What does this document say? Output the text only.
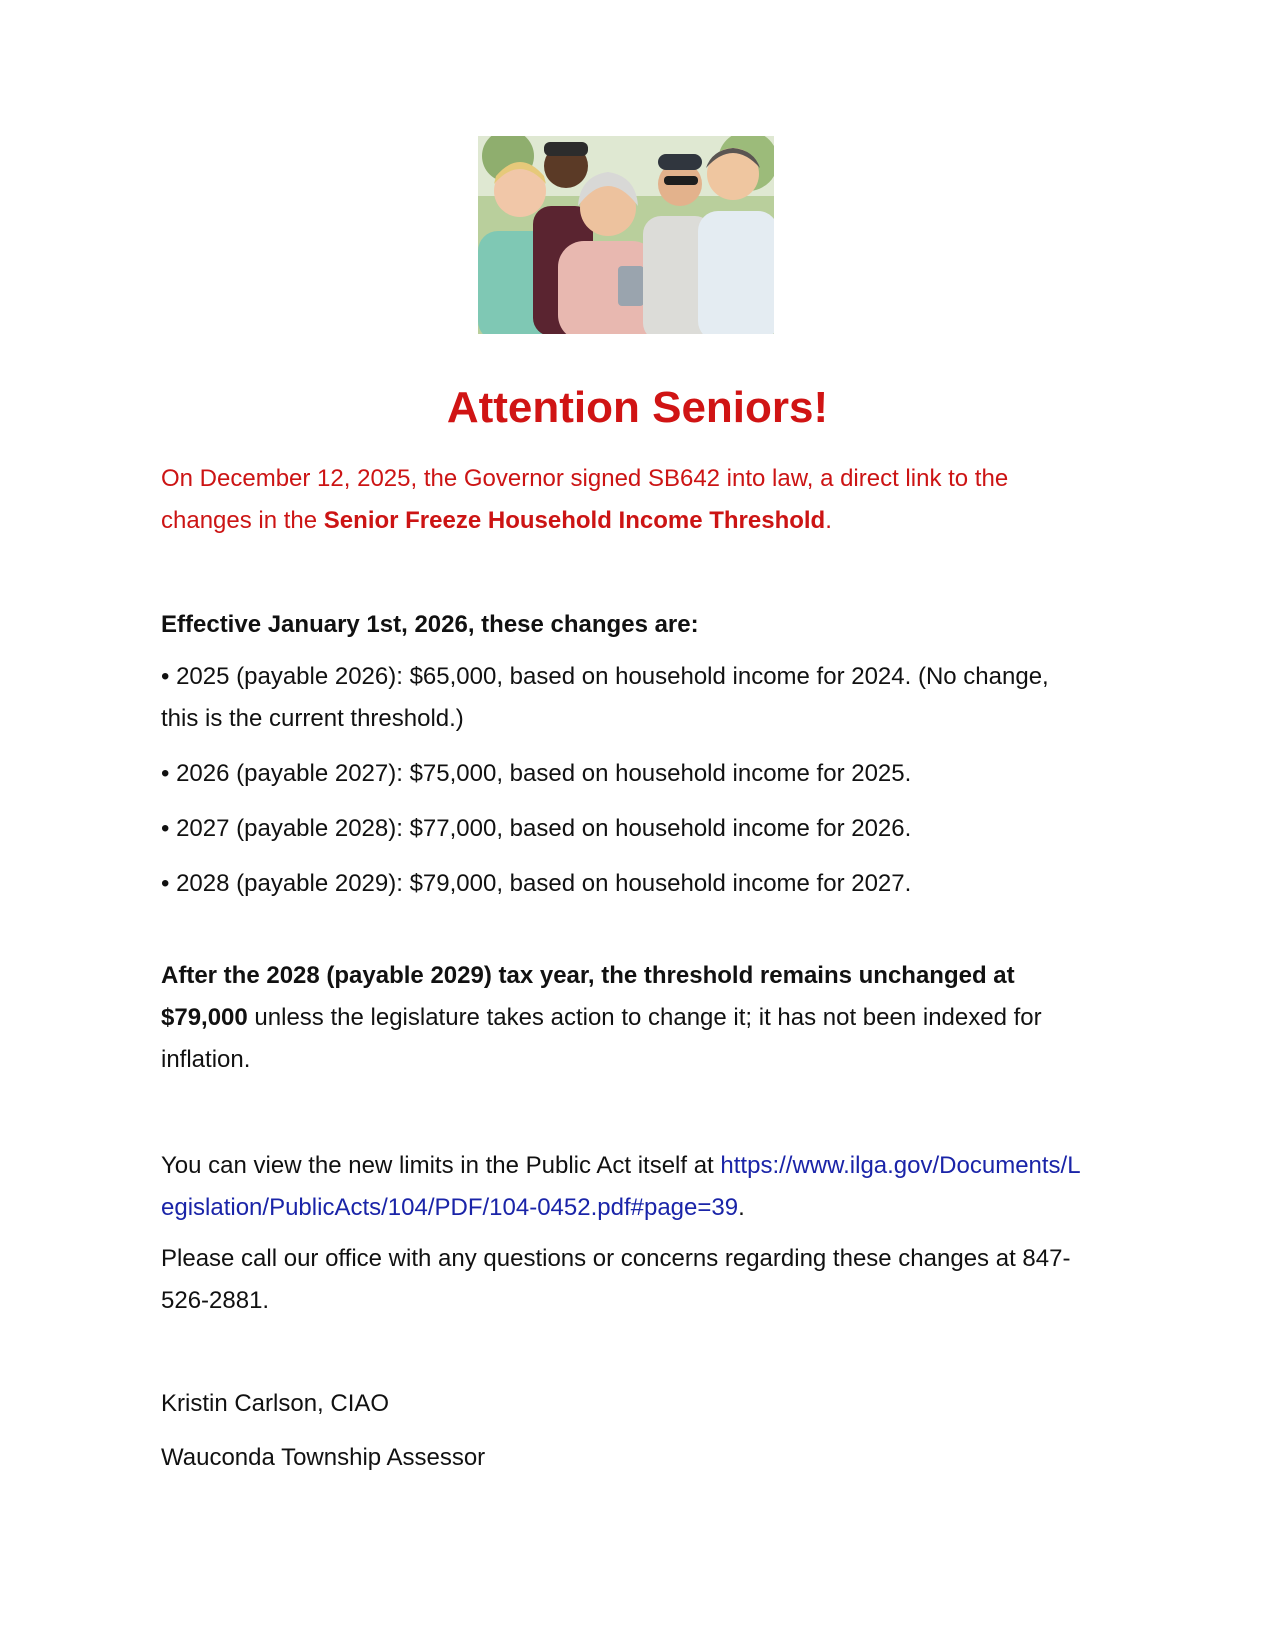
Attention Seniors!
On December 12, 2025, the Governor signed SB642 into law, a direct link to the changes in the Senior Freeze Household Income Threshold.
Effective January 1st, 2026, these changes are:

• 2025 (payable 2026): $65,000, based on household income for 2024. (No change, this is the current threshold.)

• 2026 (payable 2027): $75,000, based on household income for 2025.

• 2027 (payable 2028): $77,000, based on household income for 2026.

• 2028 (payable 2029): $79,000, based on household income for 2027.

After the 2028 (payable 2029) tax year, the threshold remains unchanged at $79,000 unless the legislature takes action to change it; it has not been indexed for inflation.
You can view the new limits in the Public Act itself at https://www.ilga.gov/Documents/Legislation/PublicActs/104/PDF/104-0452.pdf#page=39.
Please call our office with any questions or concerns regarding these changes at 847-526-2881.
Kristin Carlson, CIAO
Wauconda Township Assessor
